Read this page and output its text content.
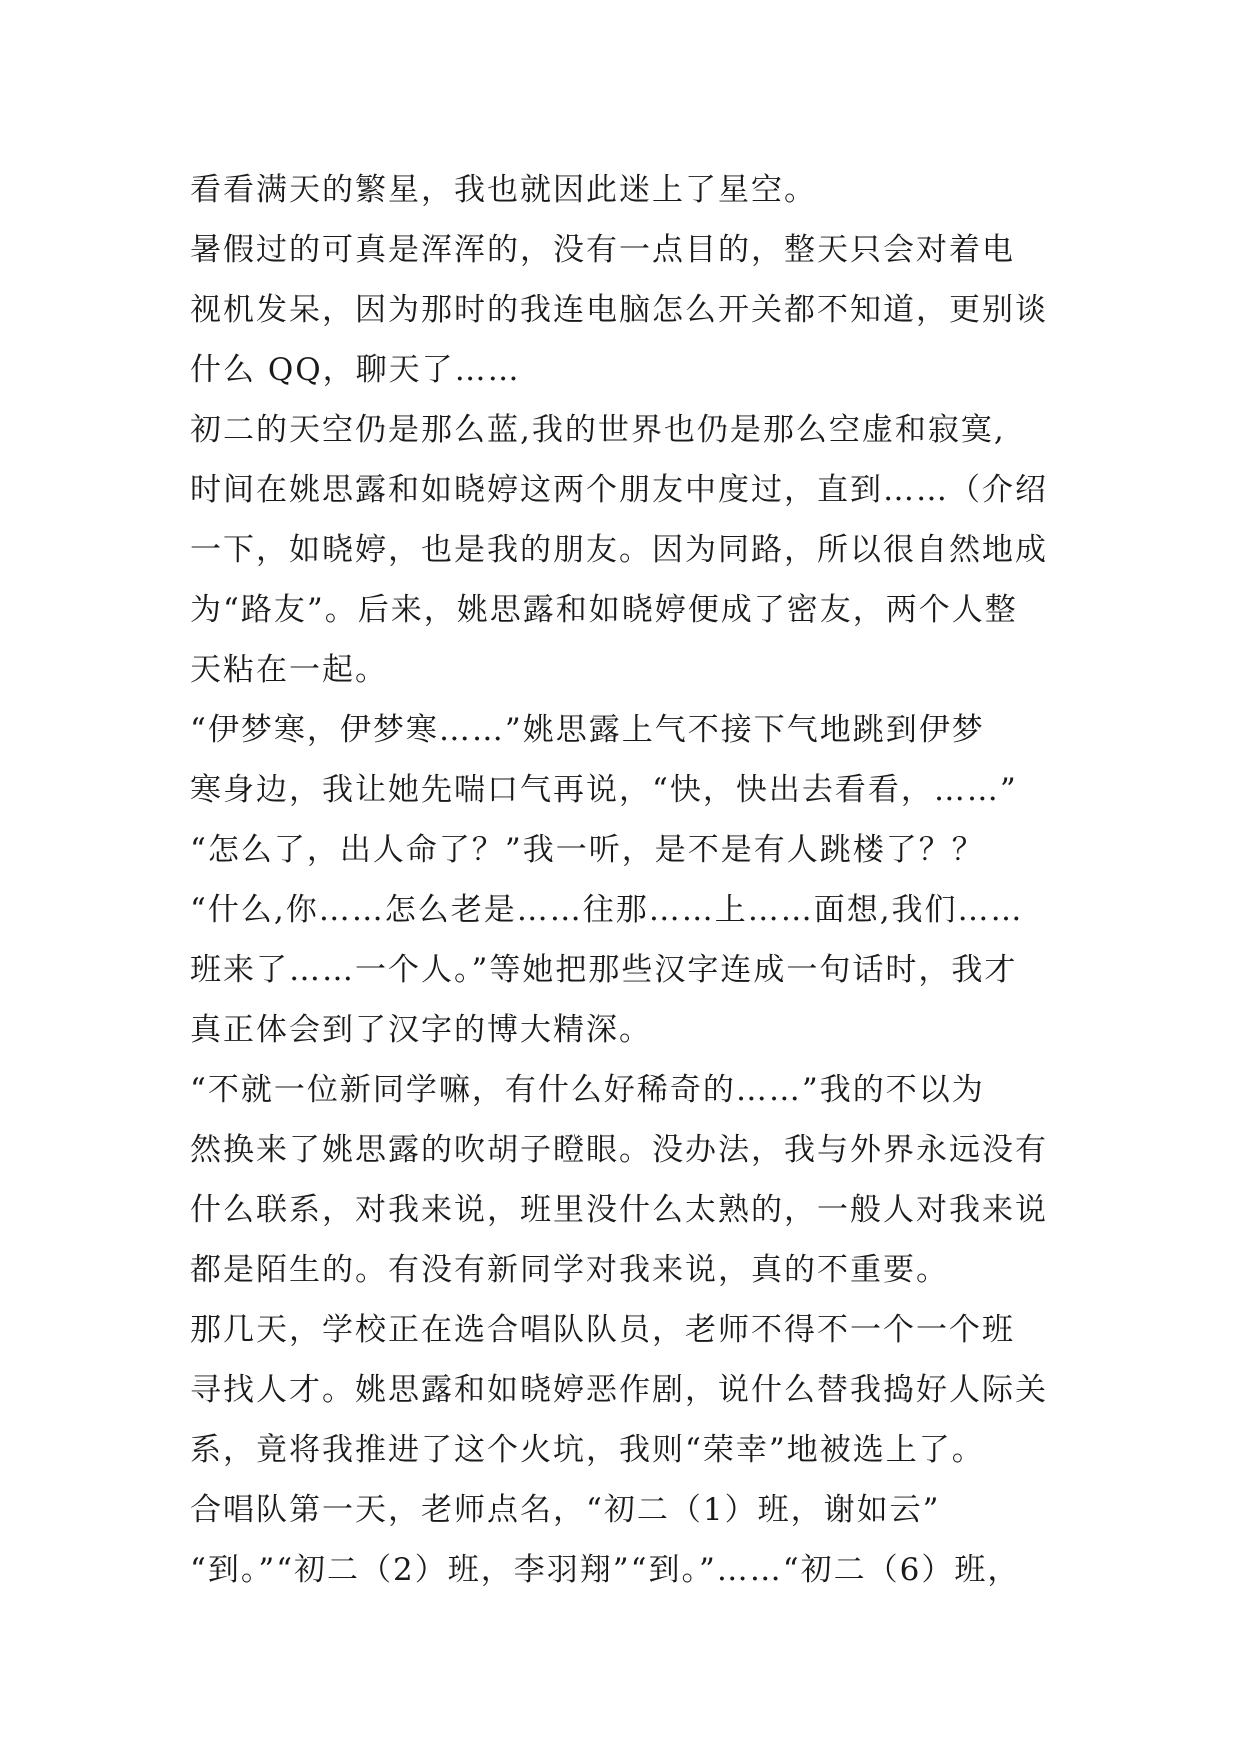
看看满天的繁星，我也就因此迷上了星空。
暑假过的可真是浑浑的，没有一点目的，整天只会对着电
视机发呆，因为那时的我连电脑怎么开关都不知道，更别谈
什么 QQ，聊天了……
初二的天空仍是那么蓝,我的世界也仍是那么空虚和寂寞,
时间在姚思露和如晓婷这两个朋友中度过，直到……（介绍
一下，如晓婷，也是我的朋友。因为同路，所以很自然地成
为“路友”。后来，姚思露和如晓婷便成了密友，两个人整
天粘在一起。
“伊梦寒，伊梦寒……”姚思露上气不接下气地跳到伊梦
寒身边，我让她先喘口气再说，“快，快出去看看，……”
“怎么了，出人命了？”我一听，是不是有人跳楼了？？
“什么,你……怎么老是……往那……上……面想,我们……
班来了……一个人。”等她把那些汉字连成一句话时，我才
真正体会到了汉字的博大精深。
“不就一位新同学嘛，有什么好稀奇的……”我的不以为
然换来了姚思露的吹胡子瞪眼。没办法，我与外界永远没有
什么联系，对我来说，班里没什么太熟的，一般人对我来说
都是陌生的。有没有新同学对我来说，真的不重要。
那几天，学校正在选合唱队队员，老师不得不一个一个班
寻找人才。姚思露和如晓婷恶作剧，说什么替我捣好人际关
系，竟将我推进了这个火坑，我则“荣幸”地被选上了。
合唱队第一天，老师点名，“初二（1）班，谢如云”
“到。”“初二（2）班，李羽翔”“到。”……“初二（6）班，
